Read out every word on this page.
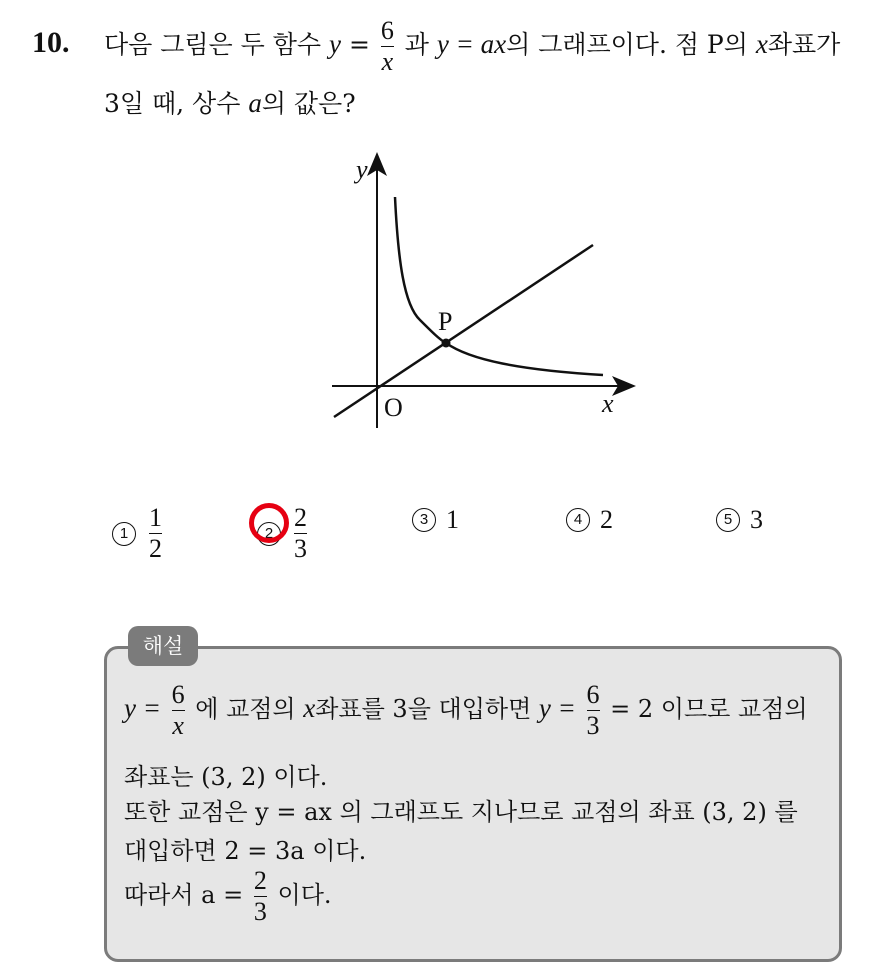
10. 다음 그림은 두 함수 $y = \frac{6}{x}$ 과 y = ax의 그래프이다. 점 P의 x좌표가
3일 때, 상수 a의 값은?
y
x
O
P
$1 \frac{1}{2}$	$2 \frac{2}{3}$	3 1	4 2	5 3
해설
$y = \frac{6}{x}$ 에 교점의 x좌표를 3을 대입하면 $y = \frac{6}{3} = 2$ 이므로 교점의
좌표는 (3, 2) 이다.
또한 교점은 y = ax 의 그래프도 지나므로 교점의 좌표 (3, 2) 를
대입하면 2 = 3a 이다.
따라서 $a = \frac{2}{3}$ 이다.
